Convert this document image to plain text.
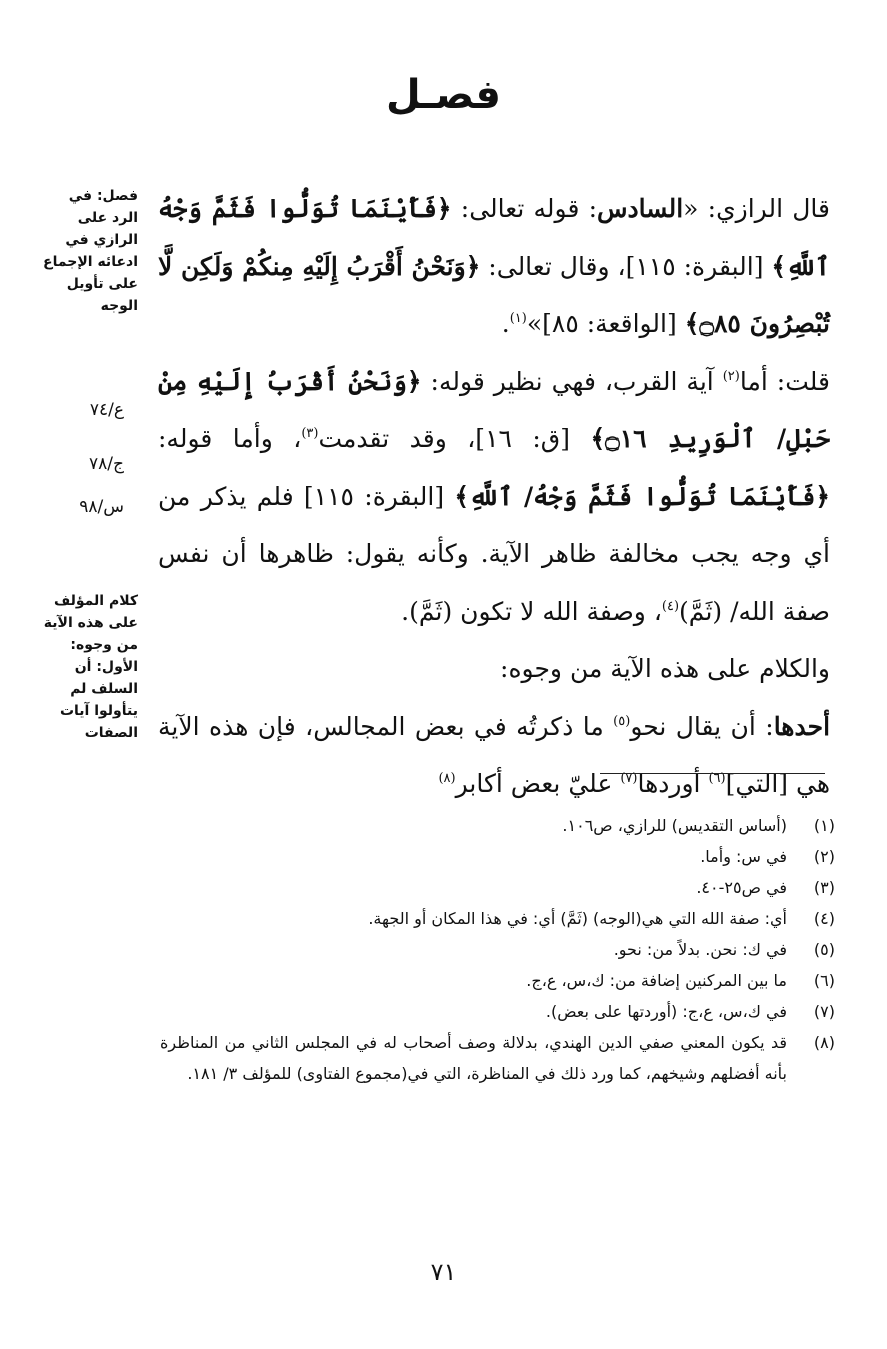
فصـل
فصل: في الرد على الرازي في ادعائه الإجماع على تأويل الوجه
كلام المؤلف على هذه الآية من وجوه: الأول: أن السلف لم يتأولوا آيات الصفات
ع/٧٤
ج/٧٨
س/٩٨

قال الرازي: «السادس: قوله تعالى: ﴿فَأَيْنَمَا تُوَلُّوا فَثَمَّ وَجْهُ ٱللَّهِ﴾ [البقرة: ١١٥]، وقال تعالى: ﴿وَنَحْنُ أَقْرَبُ إِلَيْهِ مِنكُمْ وَلَكِن لَّا تُبْصِرُونَ ۝٨٥﴾ [الواقعة: ٨٥]»$^{(١)}$.

قلت: أما$^{(٢)}$ آية القرب، فهي نظير قوله: ﴿وَنَحْنُ أَقْرَبُ إِلَيْهِ مِنْ حَبْلِ/ ٱلْوَرِيدِ ۝١٦﴾ [ق: ١٦]، وقد تقدمت$^{(٣)}$، وأما قوله: ﴿فَأَيْنَمَا تُوَلُّوا فَثَمَّ وَجْهُ/ ٱللَّهِ﴾ [البقرة: ١١٥] فلم يذكر من أي وجه يجب مخالفة ظاهر الآية. وكأنه يقول: ظاهرها أن نفس صفة الله/ (ثَمَّ)$^{(٤)}$، وصفة الله لا تكون (ثَمَّ).

والكلام على هذه الآية من وجوه:

أحدها: أن يقال نحو$^{(٥)}$ ما ذكرتُه في بعض المجالس، فإن هذه الآية هي [التي]$^{(٦)}$ أوردها$^{(٧)}$ عليّ بعض أكابر$^{(٨)}$

(١)
(أساس التقديس) للرازي، ص١٠٦.
(٢)
في س: وأما.
(٣)
في ص٢٥-٤٠.
(٤)
أي: صفة الله التي هي(الوجه) (ثَمَّ) أي: في هذا المكان أو الجهة.
(٥)
في ك: نحن. بدلاً من: نحو.
(٦)
ما بين المركنين إضافة من: ك،س، ع،ج.
(٧)
في ك،س، ع،ج: (أوردتها على بعض).
(٨)
قد يكون المعني صفي الدين الهندي، بدلالة وصف أصحاب له في المجلس الثاني من المناظرة بأنه أفضلهم وشيخهم، كما ورد ذلك في المناظرة، التي في(مجموع الفتاوى) للمؤلف ٣/ ١٨١.
٧١
